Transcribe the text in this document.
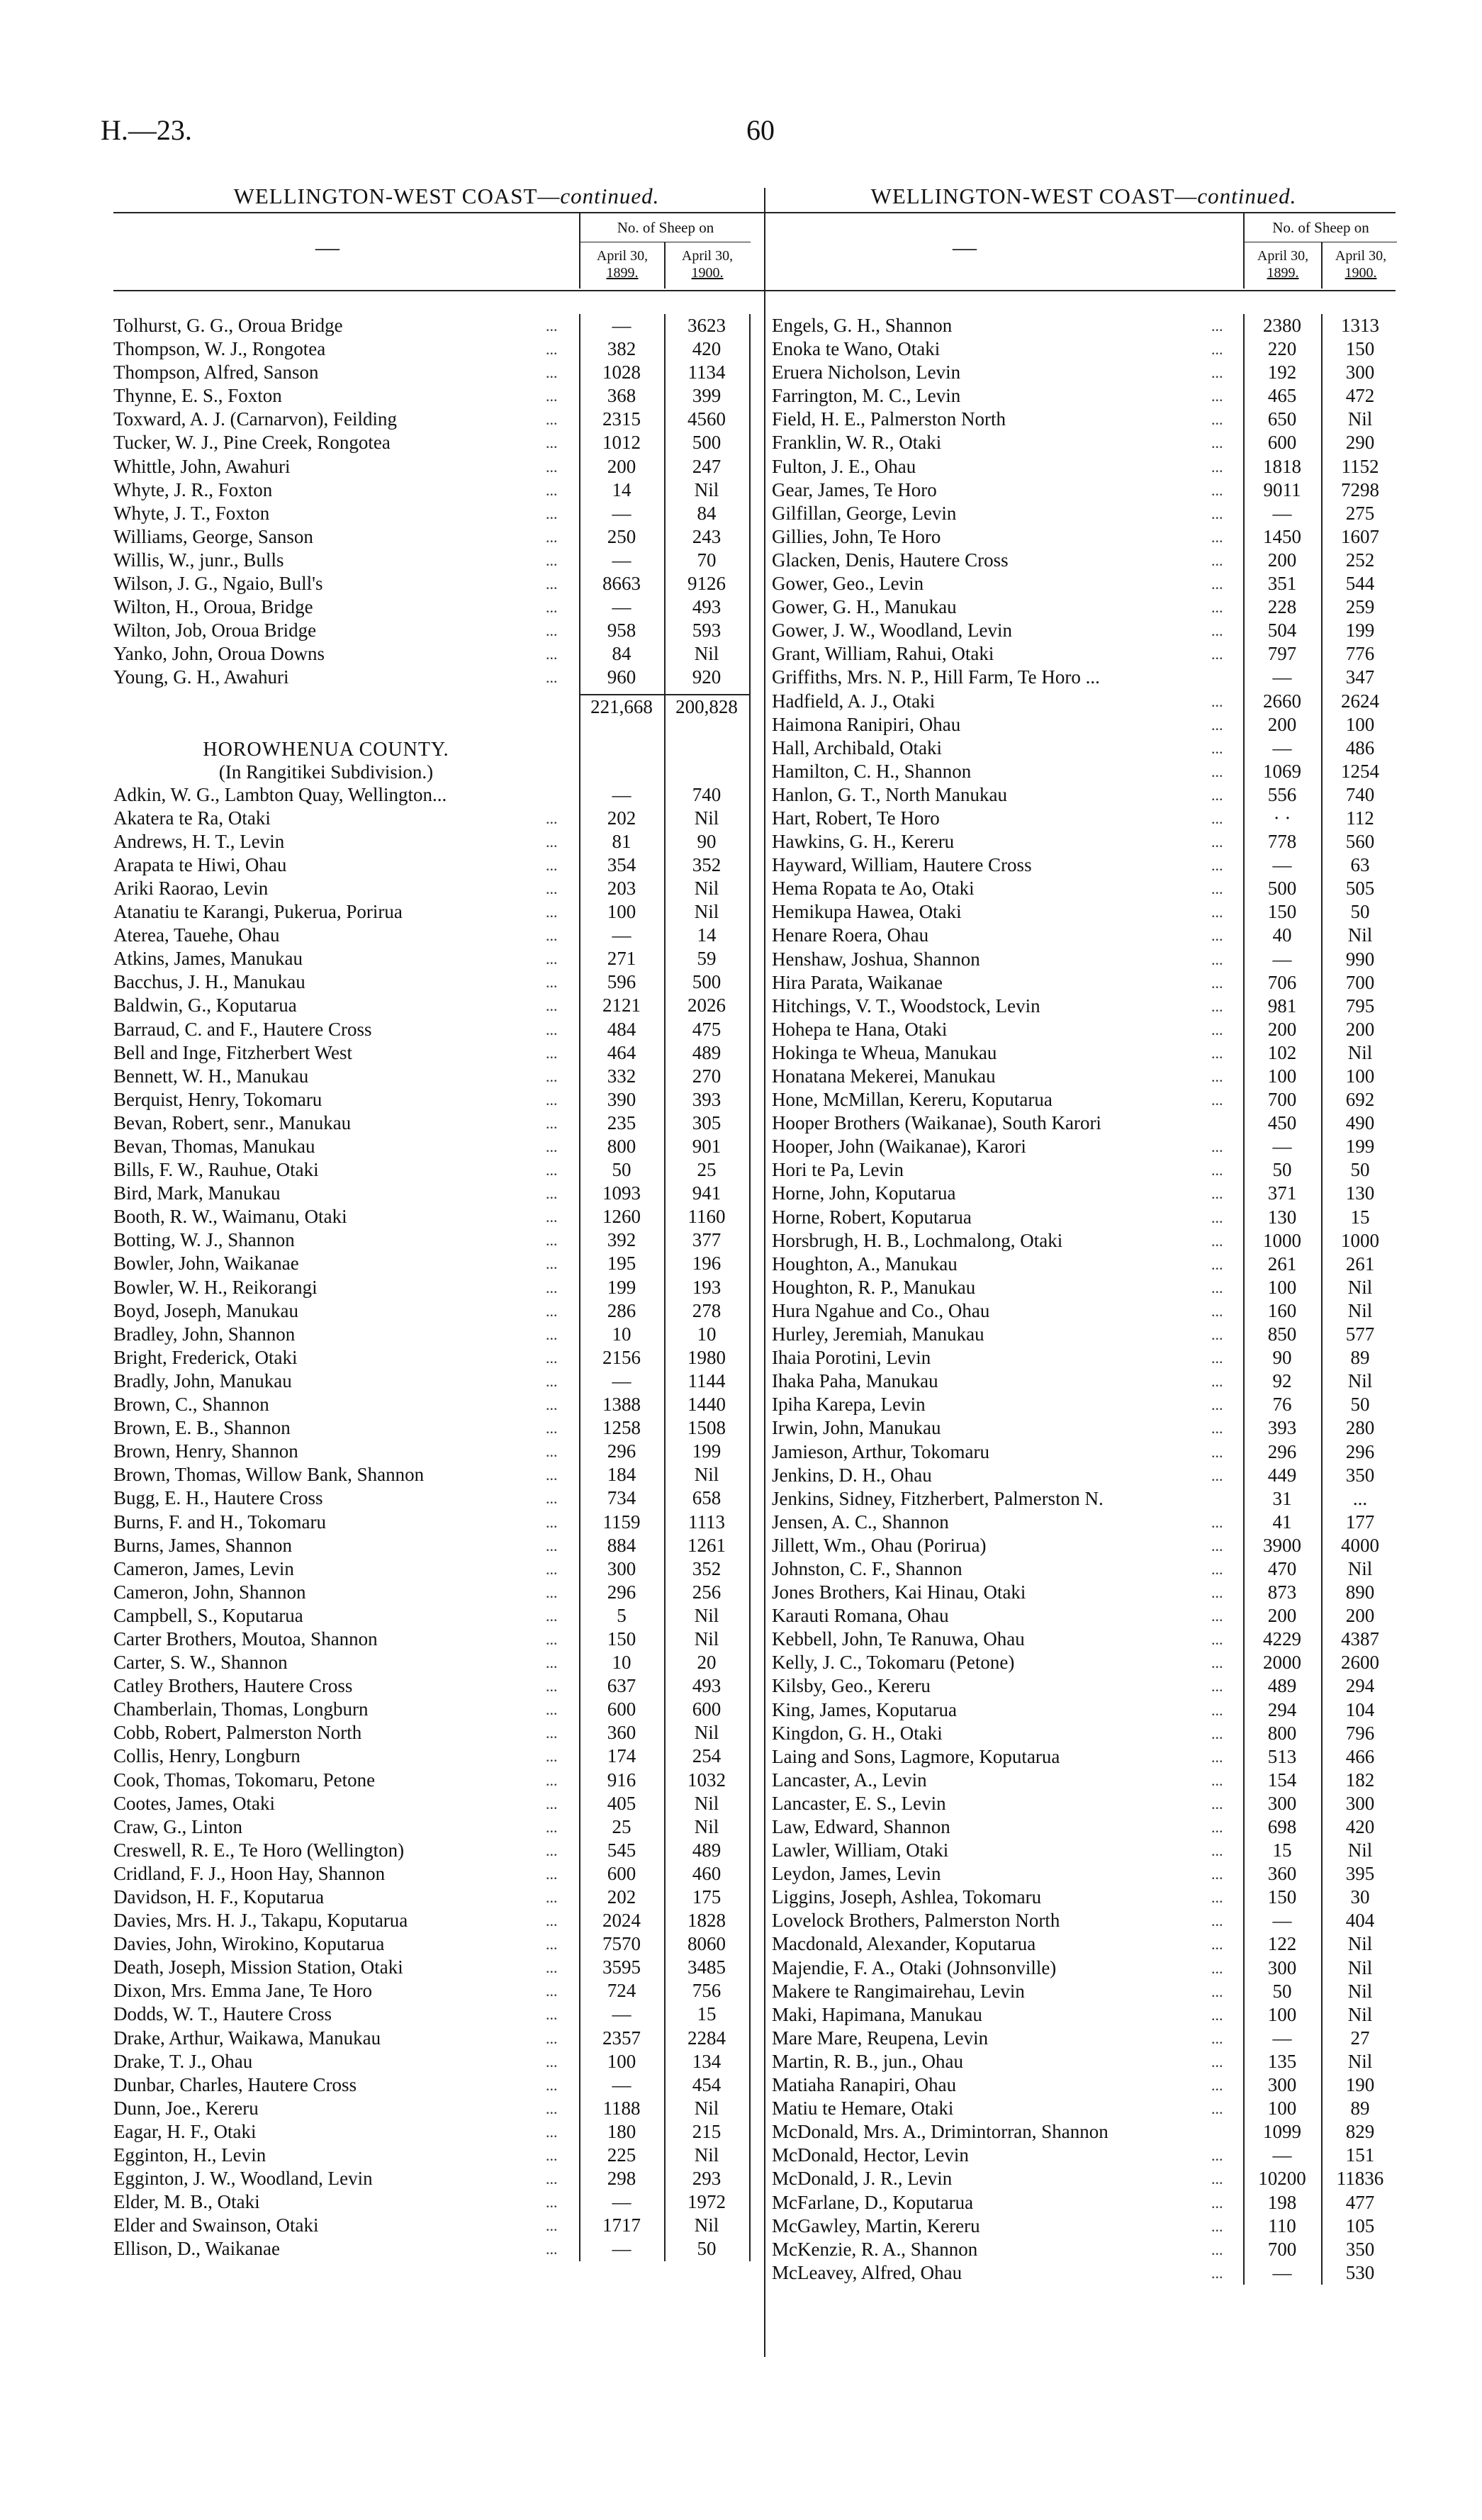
H.—23.	60
WELLINGTON-WEST COAST—continued.
—
No. of Sheep on
April 30,
1899.
April 30,
1900.
Tolhurst, G. G., Oroua Bridge	...	—	3623
Thompson, W. J., Rongotea	...	382	420
Thompson, Alfred, Sanson	...	1028	1134
Thynne, E. S., Foxton	...	368	399
Toxward, A. J. (Carnarvon), Feilding	...	2315	4560
Tucker, W. J., Pine Creek, Rongotea	...	1012	500
Whittle, John, Awahuri	...	200	247
Whyte, J. R., Foxton	...	14	Nil
Whyte, J. T., Foxton	...	—	84
Williams, George, Sanson	...	250	243
Willis, W., junr., Bulls	...	—	70
Wilson, J. G., Ngaio, Bull's	...	8663	9126
Wilton, H., Oroua, Bridge	...	—	493
Wilton, Job, Oroua Bridge	...	958	593
Yanko, John, Oroua Downs	...	84	Nil
Young, G. H., Awahuri	...	960	920
221,668	200,828
HOROWHENUA COUNTY.
(In Rangitikei Subdivision.)
Adkin, W. G., Lambton Quay, Wellington...	—	740
Akatera te Ra, Otaki	...	202	Nil
Andrews, H. T., Levin	...	81	90
Arapata te Hiwi, Ohau	...	354	352
Ariki Raorao, Levin	...	203	Nil
Atanatiu te Karangi, Pukerua, Porirua	...	100	Nil
Aterea, Tauehe, Ohau	...	—	14
Atkins, James, Manukau	...	271	59
Bacchus, J. H., Manukau	...	596	500
Baldwin, G., Koputarua	...	2121	2026
Barraud, C. and F., Hautere Cross	...	484	475
Bell and Inge, Fitzherbert West	...	464	489
Bennett, W. H., Manukau	...	332	270
Berquist, Henry, Tokomaru	...	390	393
Bevan, Robert, senr., Manukau	...	235	305
Bevan, Thomas, Manukau	...	800	901
Bills, F. W., Rauhue, Otaki	...	50	25
Bird, Mark, Manukau	...	1093	941
Booth, R. W., Waimanu, Otaki	...	1260	1160
Botting, W. J., Shannon	...	392	377
Bowler, John, Waikanae	...	195	196
Bowler, W. H., Reikorangi	...	199	193
Boyd, Joseph, Manukau	...	286	278
Bradley, John, Shannon	...	10	10
Bright, Frederick, Otaki	...	2156	1980
Bradly, John, Manukau	...	—	1144
Brown, C., Shannon	...	1388	1440
Brown, E. B., Shannon	...	1258	1508
Brown, Henry, Shannon	...	296	199
Brown, Thomas, Willow Bank, Shannon	...	184	Nil
Bugg, E. H., Hautere Cross	...	734	658
Burns, F. and H., Tokomaru	...	1159	1113
Burns, James, Shannon	...	884	1261
Cameron, James, Levin	...	300	352
Cameron, John, Shannon	...	296	256
Campbell, S., Koputarua	...	5	Nil
Carter Brothers, Moutoa, Shannon	...	150	Nil
Carter, S. W., Shannon	...	10	20
Catley Brothers, Hautere Cross	...	637	493
Chamberlain, Thomas, Longburn	...	600	600
Cobb, Robert, Palmerston North	...	360	Nil
Collis, Henry, Longburn	...	174	254
Cook, Thomas, Tokomaru, Petone	...	916	1032
Cootes, James, Otaki	...	405	Nil
Craw, G., Linton	...	25	Nil
Creswell, R. E., Te Horo (Wellington)	...	545	489
Cridland, F. J., Hoon Hay, Shannon	...	600	460
Davidson, H. F., Koputarua	...	202	175
Davies, Mrs. H. J., Takapu, Koputarua	...	2024	1828
Davies, John, Wirokino, Koputarua	...	7570	8060
Death, Joseph, Mission Station, Otaki	...	3595	3485
Dixon, Mrs. Emma Jane, Te Horo	...	724	756
Dodds, W. T., Hautere Cross	...	—	15
Drake, Arthur, Waikawa, Manukau	...	2357	2284
Drake, T. J., Ohau	...	100	134
Dunbar, Charles, Hautere Cross	...	—	454
Dunn, Joe., Kereru	...	1188	Nil
Eagar, H. F., Otaki	...	180	215
Egginton, H., Levin	...	225	Nil
Egginton, J. W., Woodland, Levin	...	298	293
Elder, M. B., Otaki	...	—	1972
Elder and Swainson, Otaki	...	1717	Nil
Ellison, D., Waikanae	...	—	50
WELLINGTON-WEST COAST—continued.
—
No. of Sheep on
April 30,
1899.
April 30,
1900.
Engels, G. H., Shannon	...	2380	1313
Enoka te Wano, Otaki	...	220	150
Eruera Nicholson, Levin	...	192	300
Farrington, M. C., Levin	...	465	472
Field, H. E., Palmerston North	...	650	Nil
Franklin, W. R., Otaki	...	600	290
Fulton, J. E., Ohau	...	1818	1152
Gear, James, Te Horo	...	9011	7298
Gilfillan, George, Levin	...	—	275
Gillies, John, Te Horo	...	1450	1607
Glacken, Denis, Hautere Cross	...	200	252
Gower, Geo., Levin	...	351	544
Gower, G. H., Manukau	...	228	259
Gower, J. W., Woodland, Levin	...	504	199
Grant, William, Rahui, Otaki	...	797	776
Griffiths, Mrs. N. P., Hill Farm, Te Horo ...	—	347
Hadfield, A. J., Otaki	...	2660	2624
Haimona Ranipiri, Ohau	...	200	100
Hall, Archibald, Otaki	...	—	486
Hamilton, C. H., Shannon	...	1069	1254
Hanlon, G. T., North Manukau	...	556	740
Hart, Robert, Te Horo	...	· ·	112
Hawkins, G. H., Kereru	...	778	560
Hayward, William, Hautere Cross	...	—	63
Hema Ropata te Ao, Otaki	...	500	505
Hemikupa Hawea, Otaki	...	150	50
Henare Roera, Ohau	...	40	Nil
Henshaw, Joshua, Shannon	...	—	990
Hira Parata, Waikanae	...	706	700
Hitchings, V. T., Woodstock, Levin	...	981	795
Hohepa te Hana, Otaki	...	200	200
Hokinga te Wheua, Manukau	...	102	Nil
Honatana Mekerei, Manukau	...	100	100
Hone, McMillan, Kereru, Koputarua	...	700	692
Hooper Brothers (Waikanae), South Karori	450	490
Hooper, John (Waikanae), Karori	...	—	199
Hori te Pa, Levin	...	50	50
Horne, John, Koputarua	...	371	130
Horne, Robert, Koputarua	...	130	15
Horsbrugh, H. B., Lochmalong, Otaki	...	1000	1000
Houghton, A., Manukau	...	261	261
Houghton, R. P., Manukau	...	100	Nil
Hura Ngahue and Co., Ohau	...	160	Nil
Hurley, Jeremiah, Manukau	...	850	577
Ihaia Porotini, Levin	...	90	89
Ihaka Paha, Manukau	...	92	Nil
Ipiha Karepa, Levin	...	76	50
Irwin, John, Manukau	...	393	280
Jamieson, Arthur, Tokomaru	...	296	296
Jenkins, D. H., Ohau	...	449	350
Jenkins, Sidney, Fitzherbert, Palmerston N.	31	...
Jensen, A. C., Shannon	...	41	177
Jillett, Wm., Ohau (Porirua)	...	3900	4000
Johnston, C. F., Shannon	...	470	Nil
Jones Brothers, Kai Hinau, Otaki	...	873	890
Karauti Romana, Ohau	...	200	200
Kebbell, John, Te Ranuwa, Ohau	...	4229	4387
Kelly, J. C., Tokomaru (Petone)	...	2000	2600
Kilsby, Geo., Kereru	...	489	294
King, James, Koputarua	...	294	104
Kingdon, G. H., Otaki	...	800	796
Laing and Sons, Lagmore, Koputarua	...	513	466
Lancaster, A., Levin	...	154	182
Lancaster, E. S., Levin	...	300	300
Law, Edward, Shannon	...	698	420
Lawler, William, Otaki	...	15	Nil
Leydon, James, Levin	...	360	395
Liggins, Joseph, Ashlea, Tokomaru	...	150	30
Lovelock Brothers, Palmerston North	...	—	404
Macdonald, Alexander, Koputarua	...	122	Nil
Majendie, F. A., Otaki (Johnsonville)	...	300	Nil
Makere te Rangimairehau, Levin	...	50	Nil
Maki, Hapimana, Manukau	...	100	Nil
Mare Mare, Reupena, Levin	...	—	27
Martin, R. B., jun., Ohau	...	135	Nil
Matiaha Ranapiri, Ohau	...	300	190
Matiu te Hemare, Otaki	...	100	89
McDonald, Mrs. A., Drimintorran, Shannon	1099	829
McDonald, Hector, Levin	...	—	151
McDonald, J. R., Levin	...	10200	11836
McFarlane, D., Koputarua	...	198	477
McGawley, Martin, Kereru	...	110	105
McKenzie, R. A., Shannon	...	700	350
McLeavey, Alfred, Ohau	...	—	530
